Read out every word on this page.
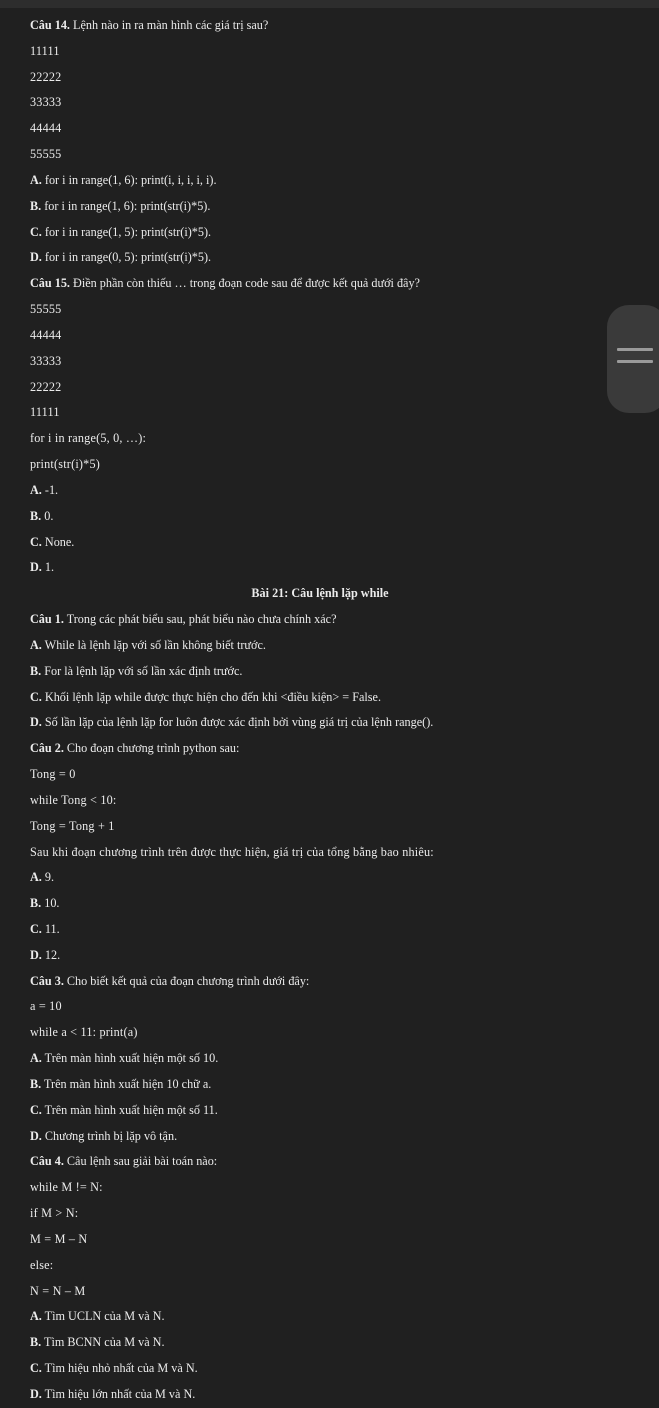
Câu 14. Lệnh nào in ra màn hình các giá trị sau?
11111
22222
33333
44444
55555
A. for i in range(1, 6): print(i, i, i, i, i).
B. for i in range(1, 6): print(str(i)*5).
C. for i in range(1, 5): print(str(i)*5).
D. for i in range(0, 5): print(str(i)*5).
Câu 15. Điền phần còn thiếu … trong đoạn code sau để được kết quả dưới đây?
55555
44444
33333
22222
11111
for i in range(5, 0, …):
print(str(i)*5)
A. -1.
B. 0.
C. None.
D. 1.
Bài 21: Câu lệnh lặp while
Câu 1. Trong các phát biểu sau, phát biểu nào chưa chính xác?
A. While là lệnh lặp với số lần không biết trước.
B. For là lệnh lặp với số lần xác định trước.
C. Khối lệnh lặp while được thực hiện cho đến khi <điều kiện> = False.
D. Số lần lặp của lệnh lặp for luôn được xác định bởi vùng giá trị của lệnh range().
Câu 2. Cho đoạn chương trình python sau:
Tong = 0
while Tong < 10:
Tong = Tong + 1
Sau khi đoạn chương trình trên được thực hiện, giá trị của tổng bằng bao nhiêu:
A. 9.
B. 10.
C. 11.
D. 12.
Câu 3. Cho biết kết quả của đoạn chương trình dưới đây:
a = 10
while a < 11: print(a)
A. Trên màn hình xuất hiện một số 10.
B. Trên màn hình xuất hiện 10 chữ a.
C. Trên màn hình xuất hiện một số 11.
D. Chương trình bị lặp vô tận.
Câu 4. Câu lệnh sau giải bài toán nào:
while M != N:
if M > N:
M = M – N
else:
N = N – M
A. Tìm UCLN của M và N.
B. Tìm BCNN của M và N.
C. Tìm hiệu nhỏ nhất của M và N.
D. Tìm hiệu lớn nhất của M và N.
